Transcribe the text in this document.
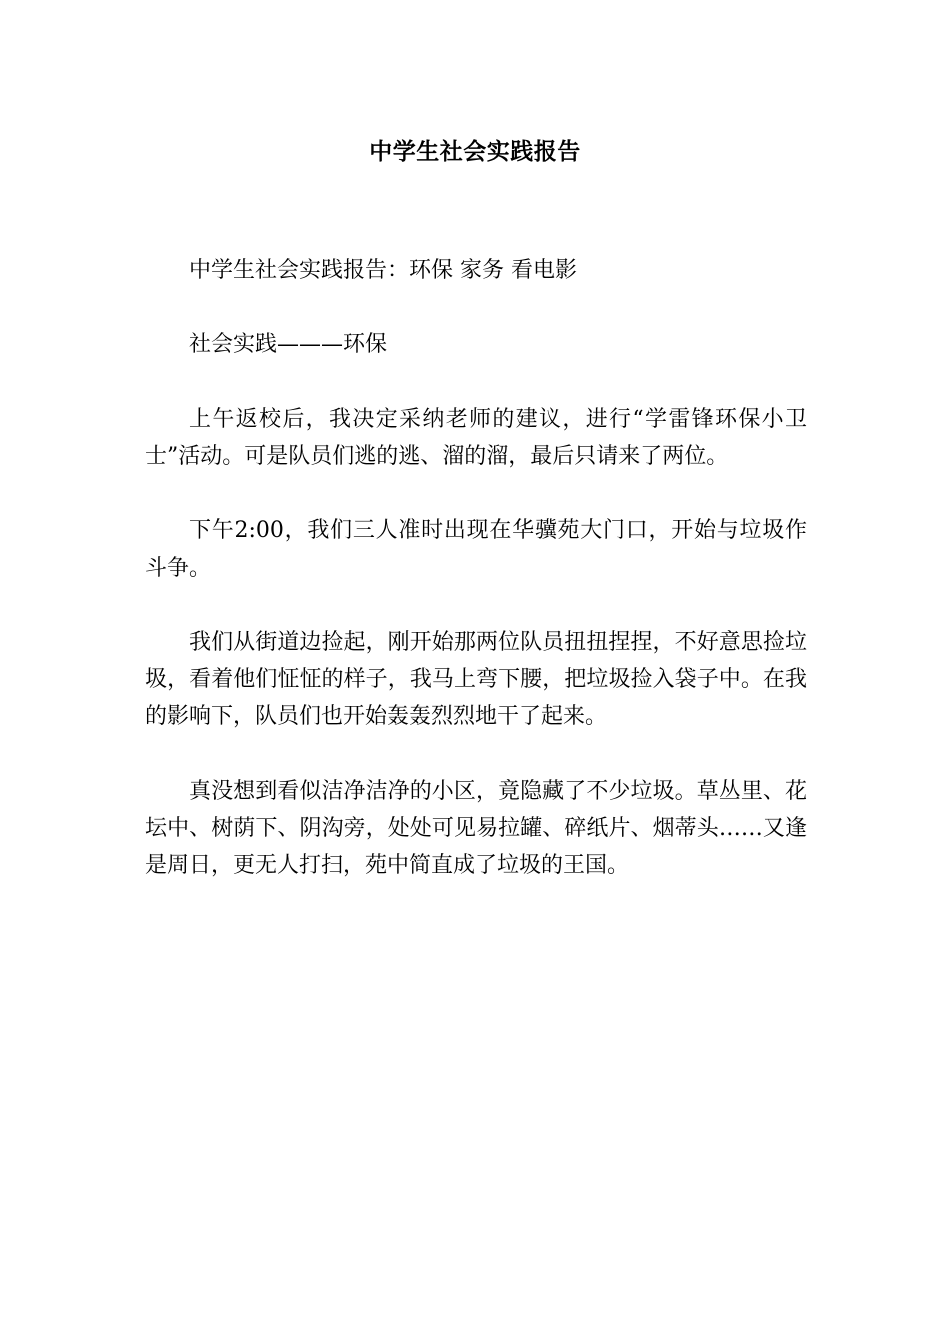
中学生社会实践报告

中学生社会实践报告：环保 家务 看电影

社会实践———环保

上午返校后，我决定采纳老师的建议，进行“学雷锋环保小卫士”活动。可是队员们逃的逃、溜的溜，最后只请来了两位。

下午2:00，我们三人准时出现在华骥苑大门口，开始与垃圾作斗争。

我们从街道边捡起，刚开始那两位队员扭扭捏捏，不好意思捡垃圾，看着他们怔怔的样子，我马上弯下腰，把垃圾捡入袋子中。在我的影响下，队员们也开始轰轰烈烈地干了起来。

真没想到看似洁净洁净的小区，竟隐藏了不少垃圾。草丛里、花坛中、树荫下、阴沟旁，处处可见易拉罐、碎纸片、烟蒂头……又逢是周日，更无人打扫，苑中简直成了垃圾的王国。
